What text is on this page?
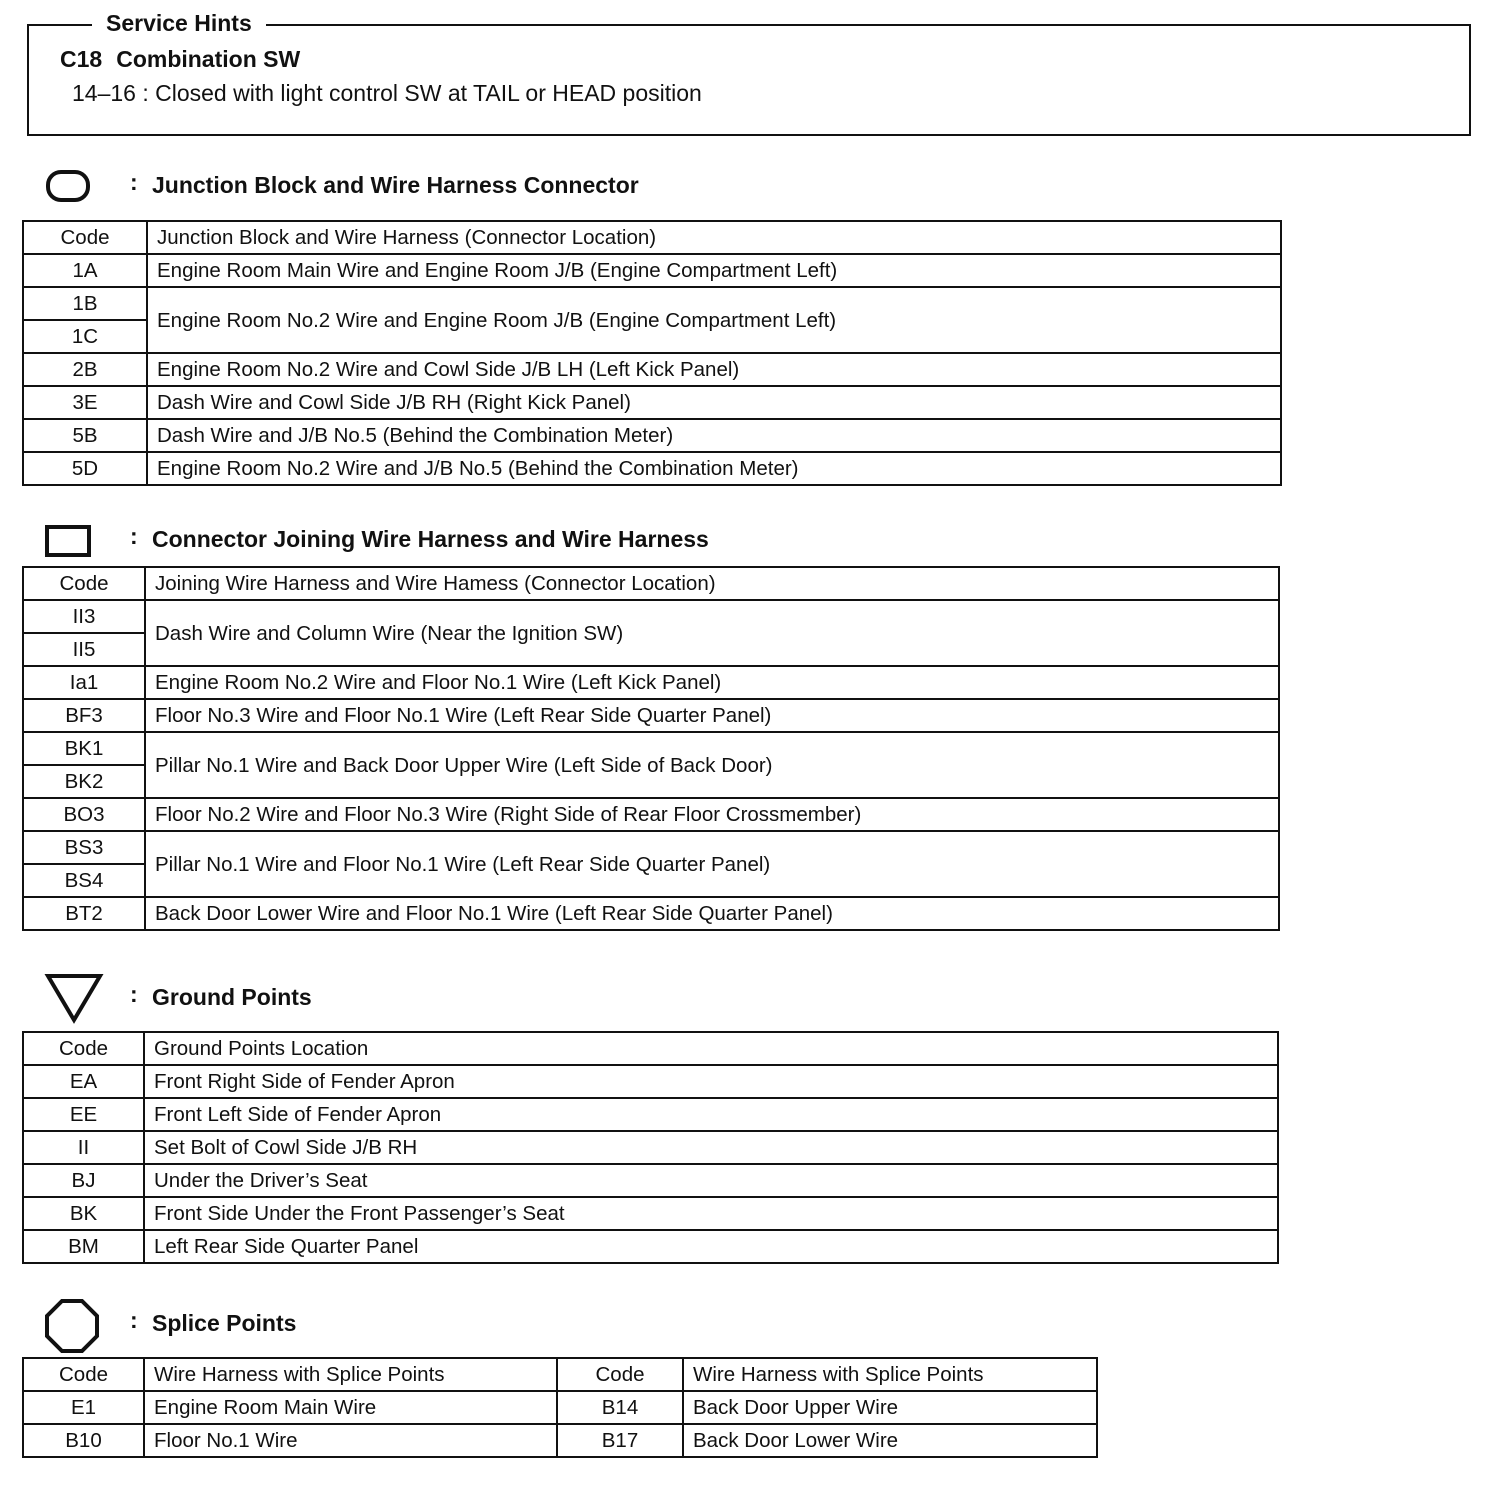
Service Hints
C18 Combination SW
14–16 : Closed with light control SW at TAIL or HEAD position
: Junction Block and Wire Harness Connector
Code	Junction Block and Wire Harness (Connector Location)
1A	Engine Room Main Wire and Engine Room J/B (Engine Compartment Left)
1B	Engine Room No.2 Wire and Engine Room J/B (Engine Compartment Left)
1C	
2B	Engine Room No.2 Wire and Cowl Side J/B LH (Left Kick Panel)
3E	Dash Wire and Cowl Side J/B RH (Right Kick Panel)
5B	Dash Wire and J/B No.5 (Behind the Combination Meter)
5D	Engine Room No.2 Wire and J/B No.5 (Behind the Combination Meter)
: Connector Joining Wire Harness and Wire Harness
Code	Joining Wire Harness and Wire Hamess (Connector Location)
II3	Dash Wire and Column Wire (Near the Ignition SW)
II5	
Ia1	Engine Room No.2 Wire and Floor No.1 Wire (Left Kick Panel)
BF3	Floor No.3 Wire and Floor No.1 Wire (Left Rear Side Quarter Panel)
BK1	Pillar No.1 Wire and Back Door Upper Wire (Left Side of Back Door)
BK2	
BO3	Floor No.2 Wire and Floor No.3 Wire (Right Side of Rear Floor Crossmember)
BS3	Pillar No.1 Wire and Floor No.1 Wire (Left Rear Side Quarter Panel)
BS4	
BT2	Back Door Lower Wire and Floor No.1 Wire (Left Rear Side Quarter Panel)
: Ground Points
Code	Ground Points Location
EA	Front Right Side of Fender Apron
EE	Front Left Side of Fender Apron
II	Set Bolt of Cowl Side J/B RH
BJ	Under the Driver’s Seat
BK	Front Side Under the Front Passenger’s Seat
BM	Left Rear Side Quarter Panel
: Splice Points
Code	Wire Harness with Splice Points	Code	Wire Harness with Splice Points
E1	Engine Room Main Wire	B14	Back Door Upper Wire
B10	Floor No.1 Wire	B17	Back Door Lower Wire
